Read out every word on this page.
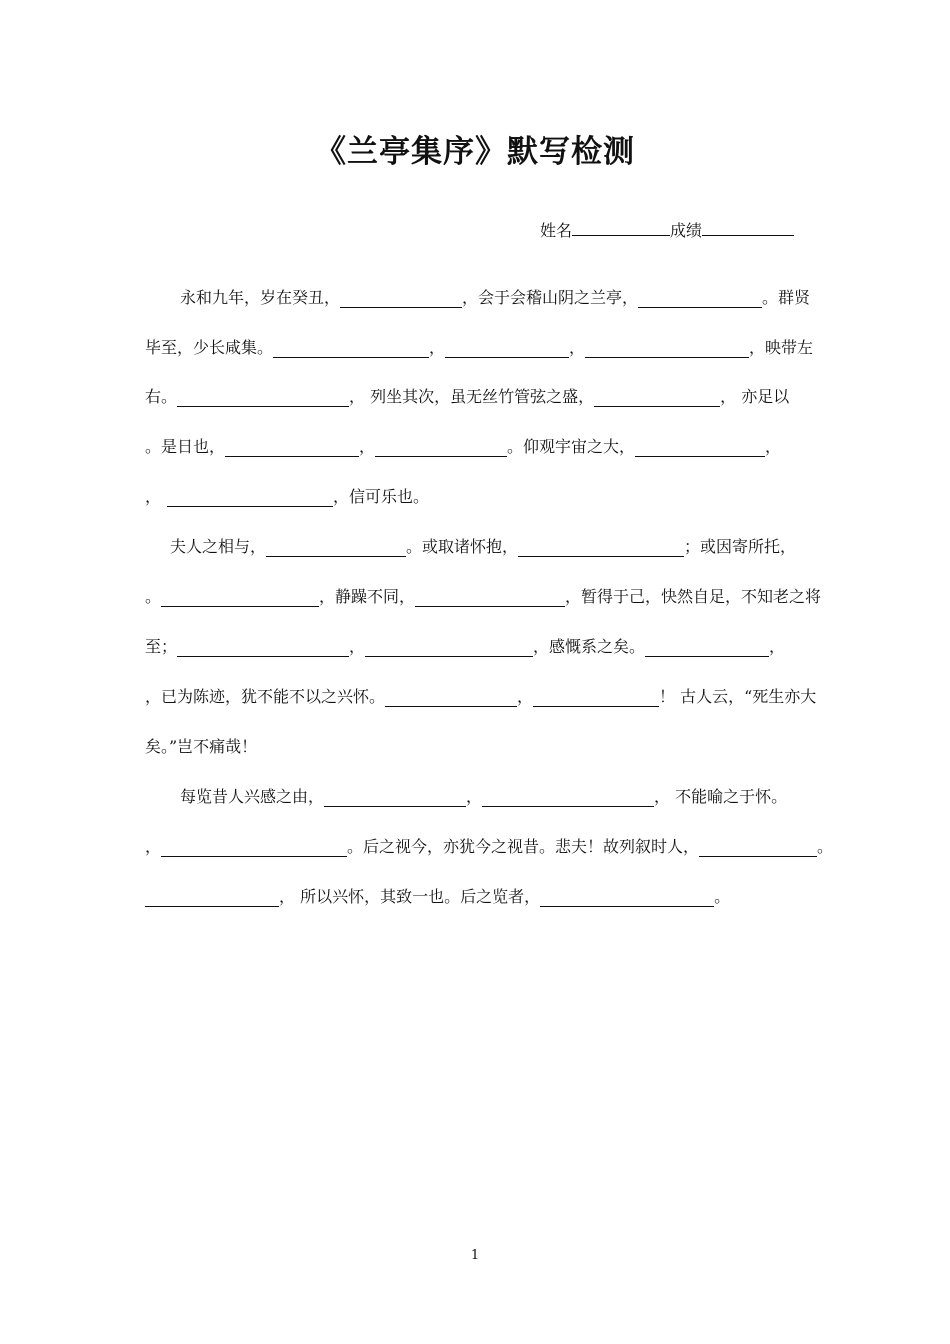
《兰亭集序》默写检测
姓名	成绩
永和九年，岁在癸丑，	，会于会稽山阴之兰亭，	。群贤
毕至，少长咸集。	，	，	，映带左
右。	， 列坐其次，虽无丝竹管弦之盛，	， 亦足以
。是日也，	，	。仰观宇宙之大，	，
，	，信可乐也。
夫人之相与，	。或取诸怀抱，	；或因寄所托，
。	，静躁不同，	，暂得于己，快然自足，不知老之将
至；	，	，感慨系之矣。	，
，已为陈迹，犹不能不以之兴怀。	，	！ 古人云，“死生亦大
矣。”岂不痛哉！
每览昔人兴感之由，	，	， 不能喻之于怀。
，	。后之视今，亦犹今之视昔。悲夫！故列叙时人，	。
， 所以兴怀，其致一也。后之览者，	。
1
